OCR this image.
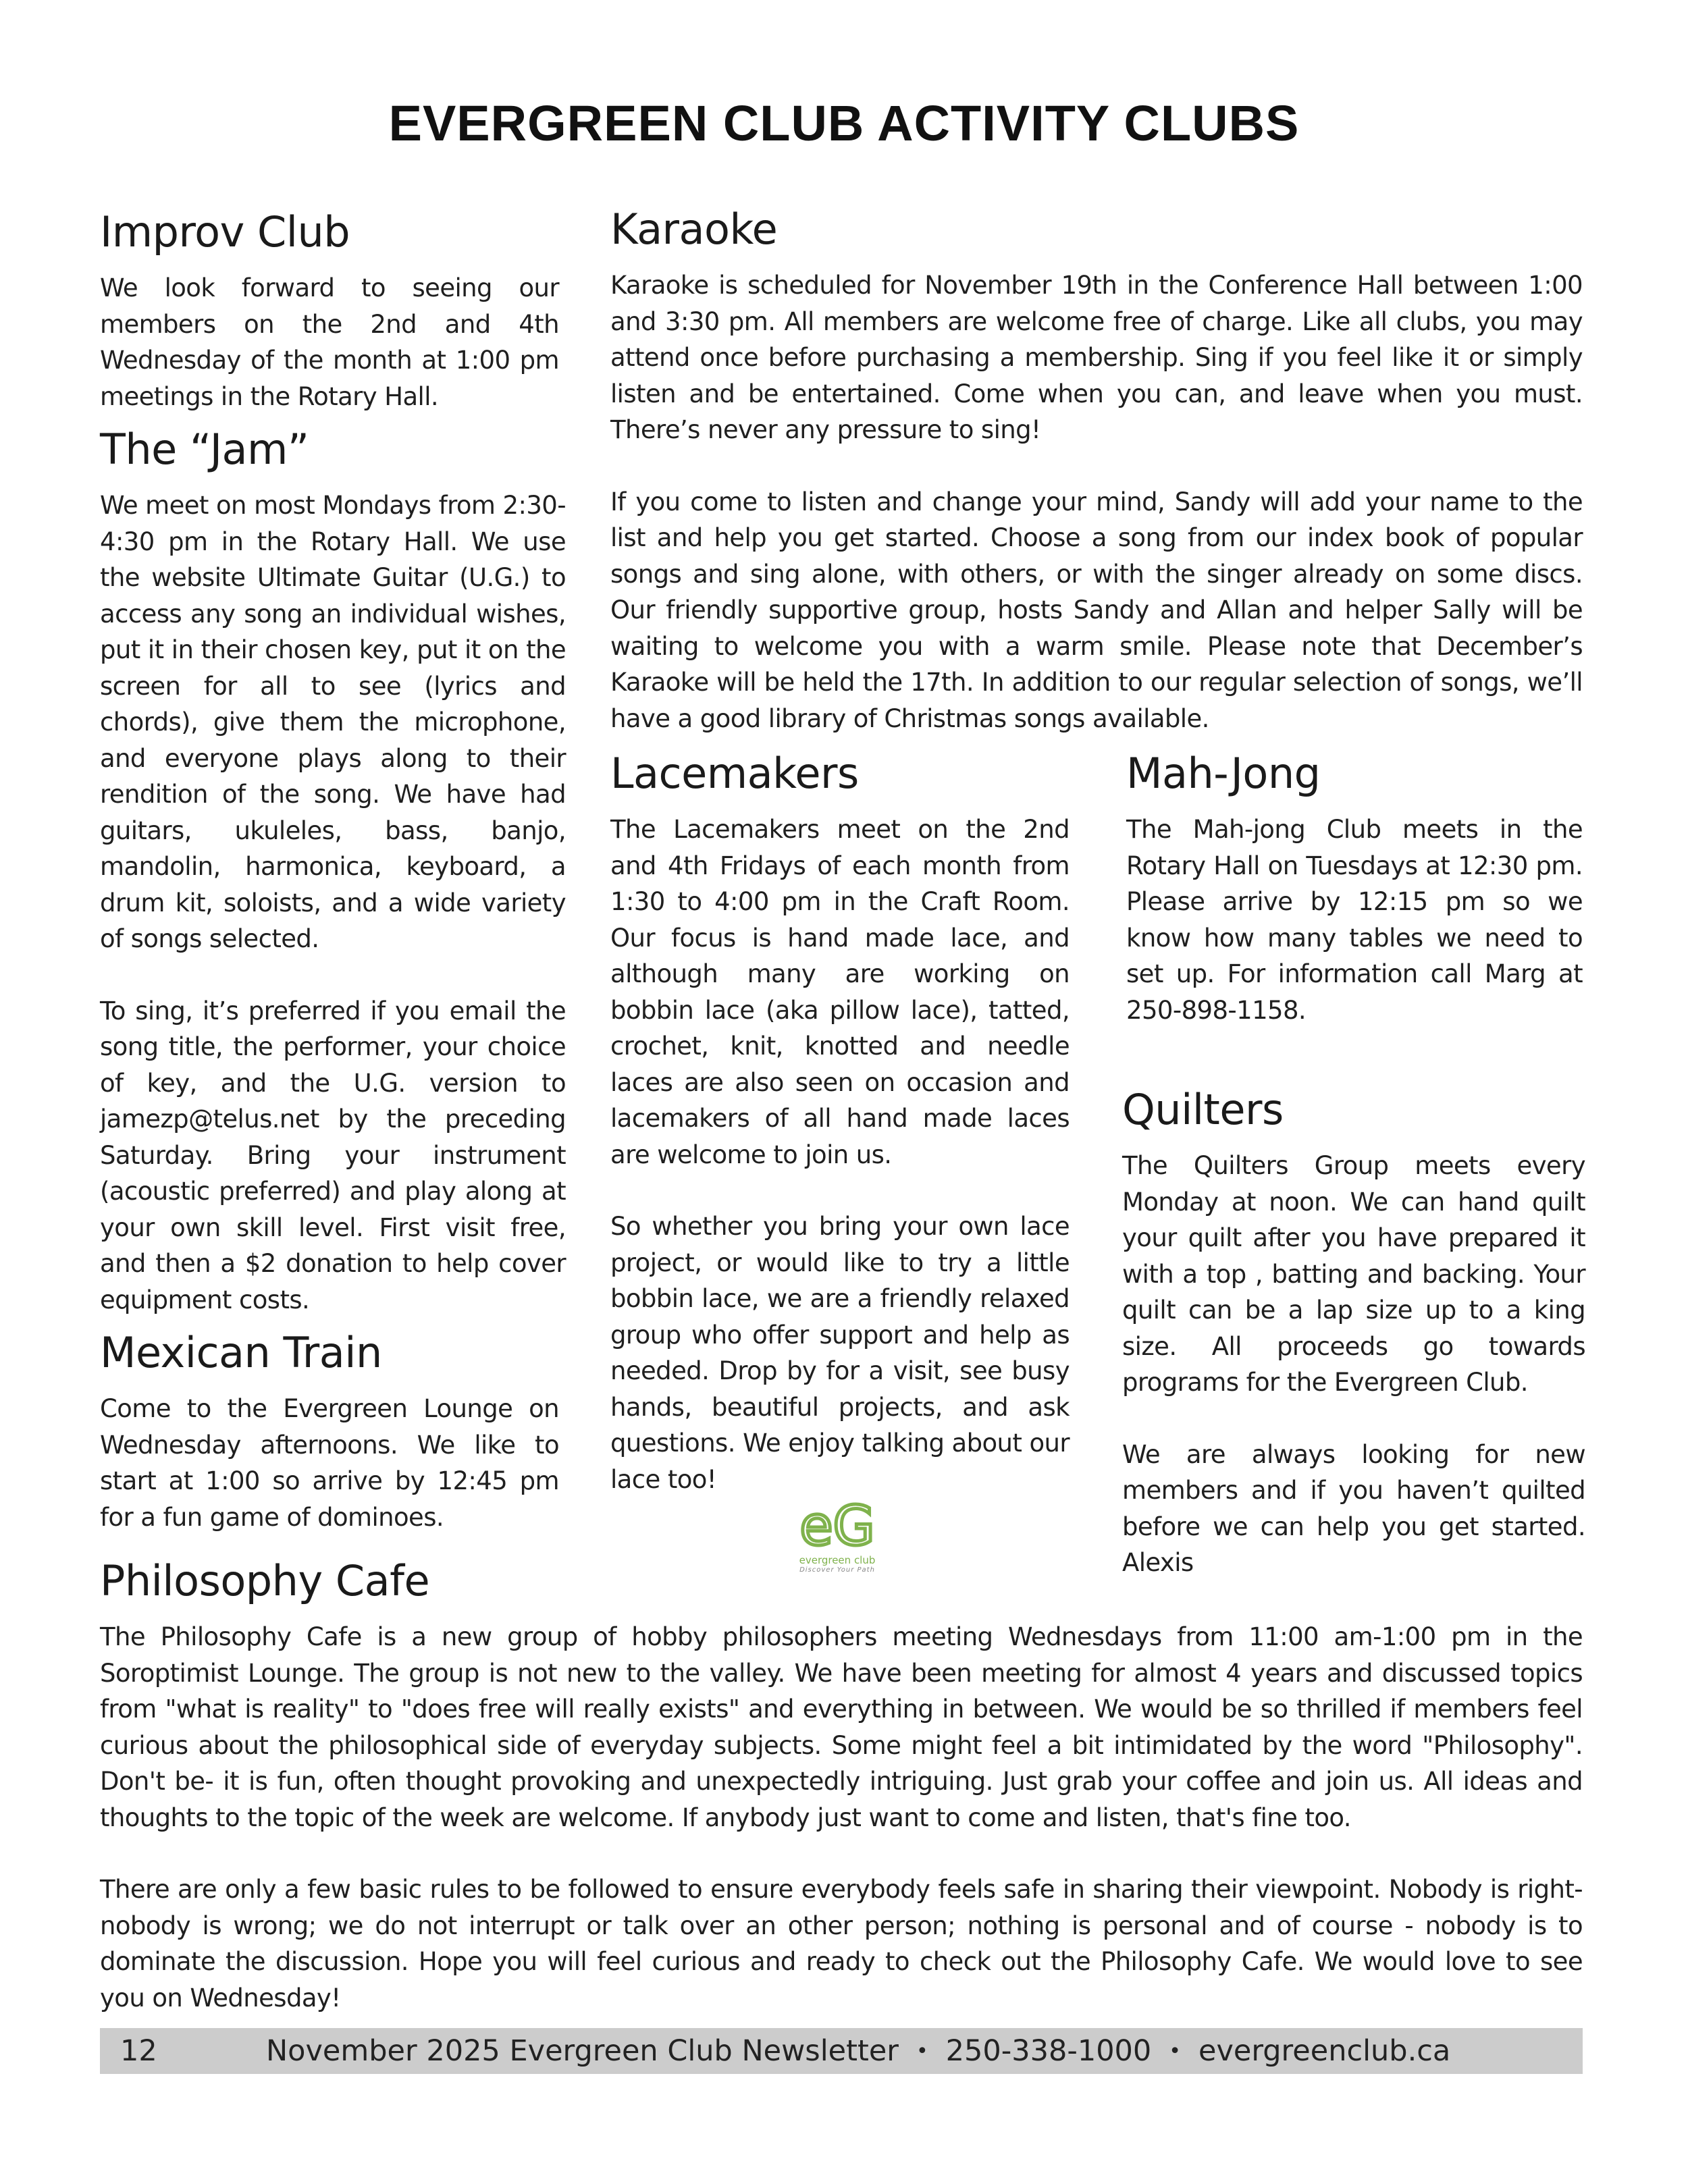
EVERGREEN CLUB ACTIVITY CLUBS
Improv Club

We look forward to seeing our members on the 2nd and 4th Wednesday of the month at 1:00 pm meetings in the Rotary Hall.

The “Jam”

We meet on most Mondays from 2:30-4:30 pm in the Rotary Hall. We use the website Ultimate Guitar (U.G.) to access any song an individual wishes, put it in their chosen key, put it on the screen for all to see (lyrics and chords), give them the microphone, and everyone plays along to their rendition of the song. We have had guitars, ukuleles, bass, banjo, mandolin, harmonica, keyboard, a drum kit, soloists, and a wide variety of songs selected.

To sing, it’s preferred if you email the song title, the performer, your choice of key, and the U.G. version to jamezp@telus.net by the preceding Saturday. Bring your instrument (acoustic preferred) and play along at your own skill level. First visit free, and then a $2 donation to help cover equipment costs.

Mexican Train

Come to the Evergreen Lounge on Wednesday afternoons. We like to start at 1:00 so arrive by 12:45 pm for a fun game of dominoes.

Karaoke

Karaoke is scheduled for November 19th in the Conference Hall between 1:00 and 3:30 pm. All members are welcome free of charge. Like all clubs, you may attend once before purchasing a membership. Sing if you feel like it or simply listen and be entertained. Come when you can, and leave when you must. There’s never any pressure to sing!

If you come to listen and change your mind, Sandy will add your name to the list and help you get started. Choose a song from our index book of popular songs and sing alone, with others, or with the singer already on some discs. Our friendly supportive group, hosts Sandy and Allan and helper Sally will be waiting to welcome you with a warm smile. Please note that December’s Karaoke will be held the 17th. In addition to our regular selection of songs, we’ll have a good library of Christmas songs available.

Lacemakers

The Lacemakers meet on the 2nd and 4th Fridays of each month from 1:30 to 4:00 pm in the Craft Room. Our focus is hand made lace, and although many are working on bobbin lace (aka pillow lace), tatted, crochet, knit, knotted and needle laces are also seen on occasion and lacemakers of all hand made laces are welcome to join us.

So whether you bring your own lace project, or would like to try a little bobbin lace, we are a friendly relaxed group who offer support and help as needed. Drop by for a visit, see busy hands, beautiful projects, and ask questions. We enjoy talking about our lace too!

Mah-Jong

The Mah-jong Club meets in the Rotary Hall on Tuesdays at 12:30 pm. Please arrive by 12:15 pm so we know how many tables we need to set up. For information call Marg at 250-898-1158.

Quilters

The Quilters Group meets every Monday at noon. We can hand quilt your quilt after you have prepared it with a top , batting and backing. Your quilt can be a lap size up to a king size. All proceeds go towards programs for the Evergreen Club.

We are always looking for new members and if you haven’t quilted before we can help you get started. Alexis

eG
evergreen club
Discover Your Path
Philosophy Cafe

The Philosophy Cafe is a new group of hobby philosophers meeting Wednesdays from 11:00 am-1:00 pm in the Soroptimist Lounge. The group is not new to the valley. We have been meeting for almost 4 years and discussed topics from "what is reality" to "does free will really exists" and everything in between. We would be so thrilled if members feel curious about the philosophical side of everyday subjects. Some might feel a bit intimidated by the word "Philosophy". Don't be- it is fun, often thought provoking and unexpectedly intriguing. Just grab your coffee and join us. All ideas and thoughts to the topic of the week are welcome. If anybody just want to come and listen, that's fine too.

There are only a few basic rules to be followed to ensure everybody feels safe in sharing their viewpoint. Nobody is right- nobody is wrong; we do not interrupt or talk over an other person; nothing is personal and of course - nobody is to dominate the discussion. Hope you will feel curious and ready to check out the Philosophy Cafe. We would love to see you on Wednesday!

12	November 2025 Evergreen Club Newsletter • 250-338-1000 • evergreenclub.ca
